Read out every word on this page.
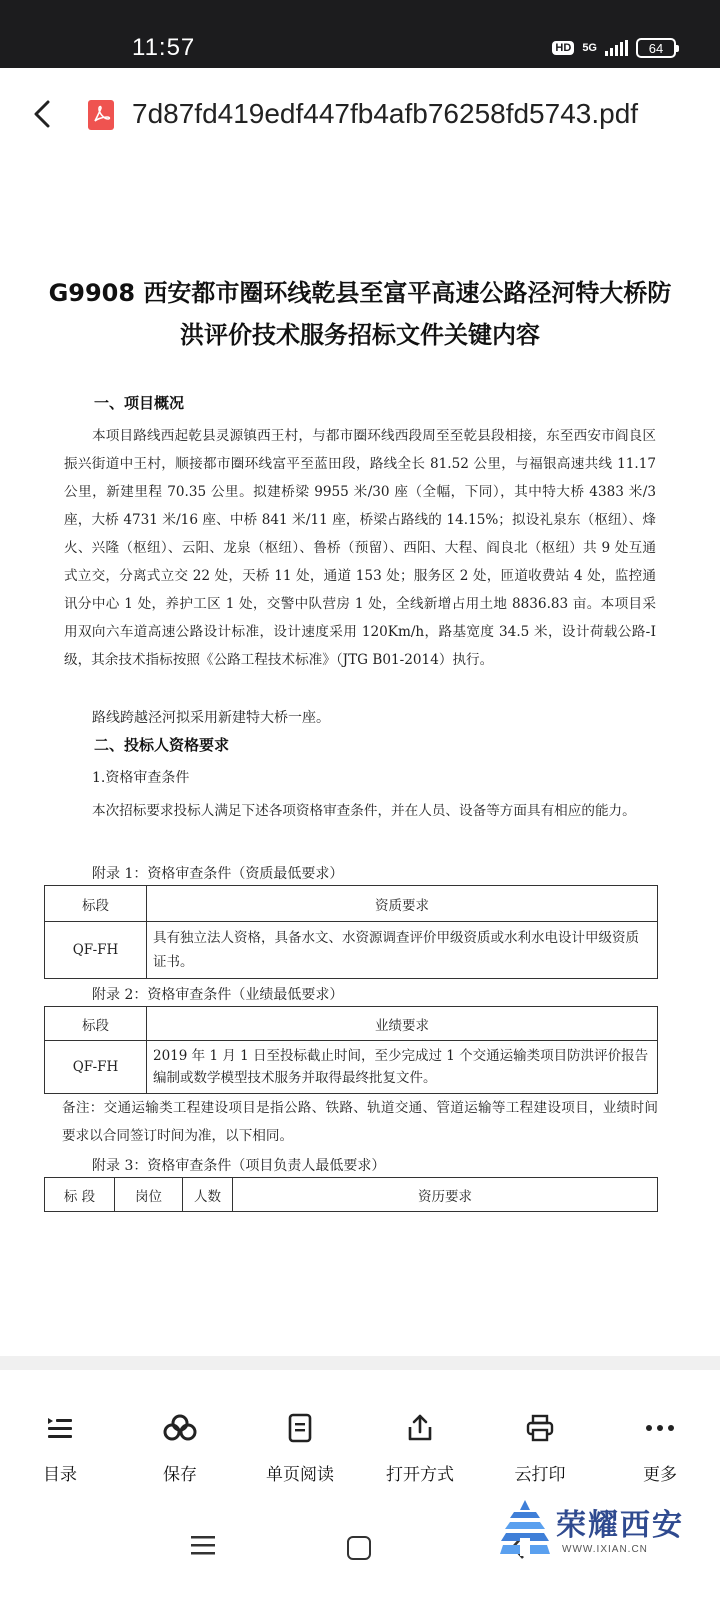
11:57	HD 5G	64
7d87fd419edf447fb4afb76258fd5743.pdf
G9908 西安都市圈环线乾县至富平高速公路泾河特大桥防洪评价技术服务招标文件关键内容
一、项目概况
本项目路线西起乾县灵源镇西王村，与都市圈环线西段周至至乾县段相接，东至西安市阎良区振兴街道中王村，顺接都市圈环线富平至蓝田段，路线全长 81.52 公里，与福银高速共线 11.17 公里，新建里程 70.35 公里。拟建桥梁 9955 米/30 座（全幅，下同），其中特大桥 4383 米/3 座，大桥 4731 米/16 座、中桥 841 米/11 座，桥梁占路线的 14.15%；拟设礼泉东（枢纽）、烽火、兴隆（枢纽）、云阳、龙泉（枢纽）、鲁桥（预留）、西阳、大程、阎良北（枢纽）共 9 处互通式立交，分离式立交 22 处，天桥 11 处，通道 153 处；服务区 2 处，匝道收费站 4 处，监控通讯分中心 1 处，养护工区 1 处，交警中队营房 1 处，全线新增占用土地 8836.83 亩。本项目采用双向六车道高速公路设计标准，设计速度采用 120Km/h，路基宽度 34.5 米，设计荷载公路-Ⅰ级，其余技术指标按照《公路工程技术标准》（JTG B01-2014）执行。
路线跨越泾河拟采用新建特大桥一座。
二、投标人资格要求
1.资格审查条件
本次招标要求投标人满足下述各项资格审查条件，并在人员、设备等方面具有相应的能力。
附录 1：资格审查条件（资质最低要求）
标段	资质要求
QF-FH	具有独立法人资格，具备水文、水资源调查评价甲级资质或水利水电设计甲级资质证书。
附录 2：资格审查条件（业绩最低要求）
标段	业绩要求
QF-FH	2019 年 1 月 1 日至投标截止时间，至少完成过 1 个交通运输类项目防洪评价报告编制或数学模型技术服务并取得最终批复文件。
备注：交通运输类工程建设项目是指公路、铁路、轨道交通、管道运输等工程建设项目，业绩时间要求以合同签订时间为准，以下相同。
附录 3：资格审查条件（项目负责人最低要求）
标 段	岗位	人数	资历要求
目录	保存	单页阅读	打开方式	云打印	更多
荣耀西安
WWW.IXIAN.CN
